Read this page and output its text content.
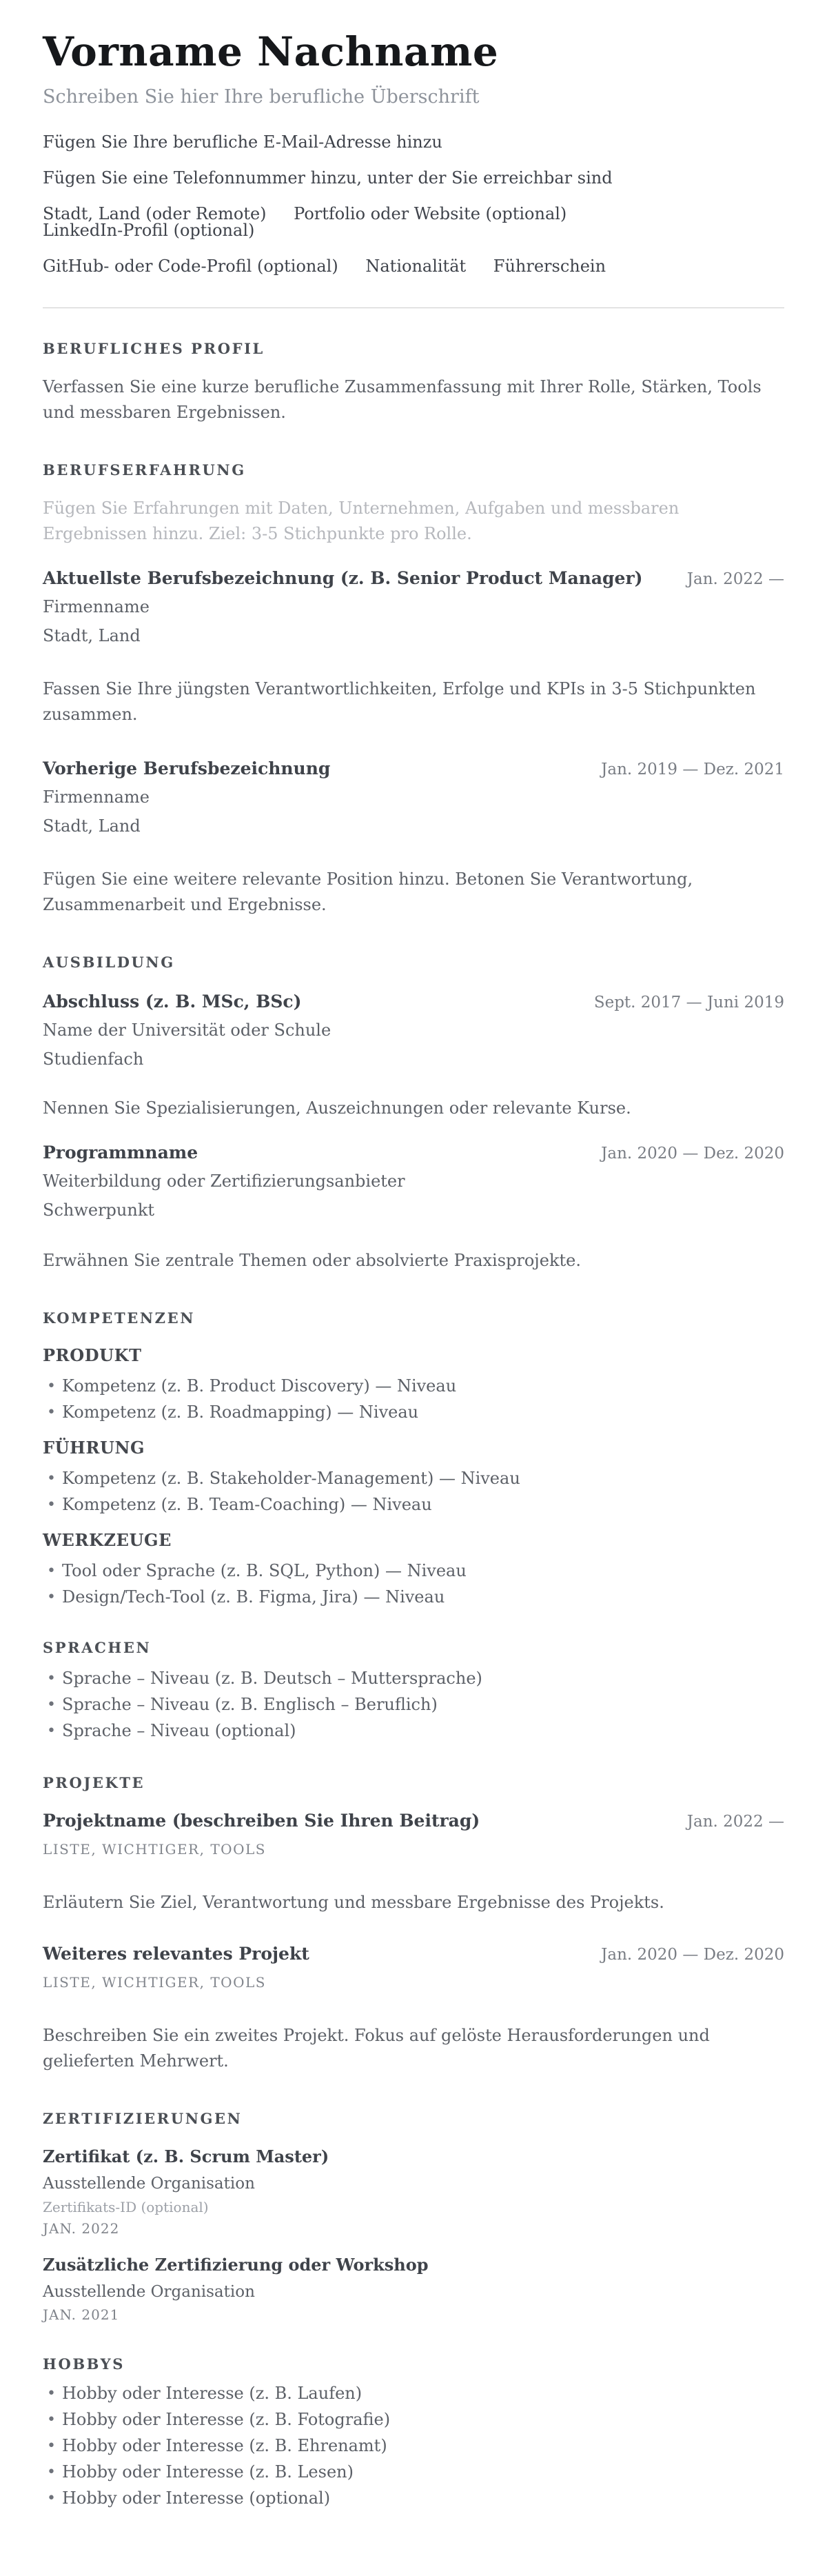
Vorname Nachname
Schreiben Sie hier Ihre berufliche Überschrift
Fügen Sie Ihre berufliche E-Mail-Adresse hinzu
Fügen Sie eine Telefonnummer hinzu, unter der Sie erreichbar sind
Stadt, Land (oder Remote) Portfolio oder Website (optional) LinkedIn-Profil (optional)
GitHub- oder Code-Profil (optional) Nationalität Führerschein
BERUFLICHES PROFIL

Verfassen Sie eine kurze berufliche Zusammenfassung mit Ihrer Rolle, Stärken, Tools und messbaren Ergebnissen.

BERUFSERFAHRUNG

Fügen Sie Erfahrungen mit Daten, Unternehmen, Aufgaben und messbaren Ergebnissen hinzu. Ziel: 3-5 Stichpunkte pro Rolle.

Aktuellste Berufsbezeichnung (z. B. Senior Product Manager)	Jan. 2022 —
Firmenname
Stadt, Land

Fassen Sie Ihre jüngsten Verantwortlichkeiten, Erfolge und KPIs in 3-5 Stichpunkten zusammen.

Vorherige Berufsbezeichnung	Jan. 2019 — Dez. 2021
Firmenname
Stadt, Land

Fügen Sie eine weitere relevante Position hinzu. Betonen Sie Verantwortung, Zusammenarbeit und Ergebnisse.

AUSBILDUNG
Abschluss (z. B. MSc, BSc)	Sept. 2017 — Juni 2019
Name der Universität oder Schule
Studienfach

Nennen Sie Spezialisierungen, Auszeichnungen oder relevante Kurse.

Programmname	Jan. 2020 — Dez. 2020
Weiterbildung oder Zertifizierungsanbieter
Schwerpunkt

Erwähnen Sie zentrale Themen oder absolvierte Praxisprojekte.

KOMPETENZEN
PRODUKT
• Kompetenz (z. B. Product Discovery) — Niveau
• Kompetenz (z. B. Roadmapping) — Niveau
FÜHRUNG
• Kompetenz (z. B. Stakeholder-Management) — Niveau
• Kompetenz (z. B. Team-Coaching) — Niveau
WERKZEUGE
• Tool oder Sprache (z. B. SQL, Python) — Niveau
• Design/Tech-Tool (z. B. Figma, Jira) — Niveau
SPRACHEN
• Sprache – Niveau (z. B. Deutsch – Muttersprache)
• Sprache – Niveau (z. B. Englisch – Beruflich)
• Sprache – Niveau (optional)
PROJEKTE
Projektname (beschreiben Sie Ihren Beitrag)	Jan. 2022 —
LISTE, WICHTIGER, TOOLS

Erläutern Sie Ziel, Verantwortung und messbare Ergebnisse des Projekts.

Weiteres relevantes Projekt	Jan. 2020 — Dez. 2020
LISTE, WICHTIGER, TOOLS

Beschreiben Sie ein zweites Projekt. Fokus auf gelöste Herausforderungen und gelieferten Mehrwert.

ZERTIFIZIERUNGEN
Zertifikat (z. B. Scrum Master)
Ausstellende Organisation
Zertifikats-ID (optional)
JAN. 2022
Zusätzliche Zertifizierung oder Workshop
Ausstellende Organisation
JAN. 2021
HOBBYS
• Hobby oder Interesse (z. B. Laufen)
• Hobby oder Interesse (z. B. Fotografie)
• Hobby oder Interesse (z. B. Ehrenamt)
• Hobby oder Interesse (z. B. Lesen)
• Hobby oder Interesse (optional)
